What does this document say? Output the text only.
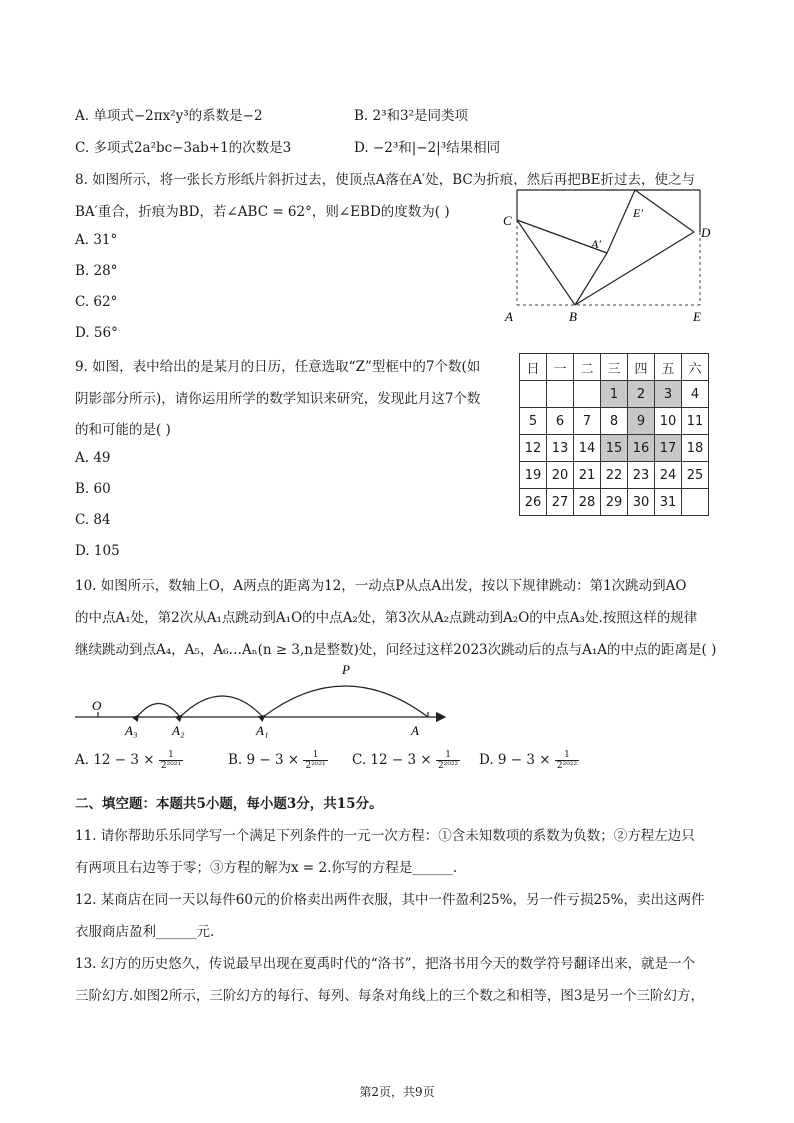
A. 单项式−2πx²y³的系数是−2	B. 2³和3²是同类项
C. 多项式2a²bc−3ab+1的次数是3	D. −2³和|−2|³结果相同
8. 如图所示，将一张长方形纸片斜折过去，使顶点A落在A′处，BC为折痕，然后再把BE折过去，使之与
BA′重合，折痕为BD，若∠ABC = 62°，则∠EBD的度数为( )
A. 31°
B. 28°
C. 62°
D. 56°
C
D
A	B	E
A′
E′
9. 如图，表中给出的是某月的日历，任意选取“Z”型框中的7个数(如
阴影部分所示)，请你运用所学的数学知识来研究，发现此月这7个数
的和可能的是( )
A. 49
B. 60
C. 84
D. 105
日	一	二	三	四	五	六
			1	2	3	4
5	6	7	8	9	10	11
12	13	14	15	16	17	18
19	20	21	22	23	24	25
26	27	28	29	30	31	
10. 如图所示，数轴上O，A两点的距离为12，一动点P从点A出发，按以下规律跳动：第1次跳动到AO
的中点A₁处，第2次从A₁点跳动到A₁O的中点A₂处，第3次从A₂点跳动到A₂O的中点A₃处.按照这样的规律
继续跳动到点A₄，A₅，A₆…Aₙ(n ≥ 3,n是整数)处，问经过这样2023次跳动后的点与A₁A的中点的距离是( )
O
P
A₃	A₂	A₁	A
A. $12 - 3 \times \frac{1}{\text{2²⁰²¹}}$	B. $9 - 3 \times \frac{1}{\text{2²⁰²¹}} C$. $12 - 3 \times \frac{1}{\text{2²⁰²²}} D$. $9 - 3 \times \frac{1}{\text{2²⁰²²}}$
二、填空题：本题共5小题，每小题3分，共15分。
11. 请你帮助乐乐同学写一个满足下列条件的一元一次方程：①含未知数项的系数为负数；②方程左边只
有两项且右边等于零；③方程的解为x = 2.你写的方程是______.
12. 某商店在同一天以每件60元的价格卖出两件衣服，其中一件盈利25%，另一件亏损25%，卖出这两件
衣服商店盈利______元.
13. 幻方的历史悠久，传说最早出现在夏禹时代的“洛书”，把洛书用今天的数学符号翻译出来，就是一个
三阶幻方.如图2所示，三阶幻方的每行、每列、每条对角线上的三个数之和相等，图3是另一个三阶幻方，
第2页，共9页
